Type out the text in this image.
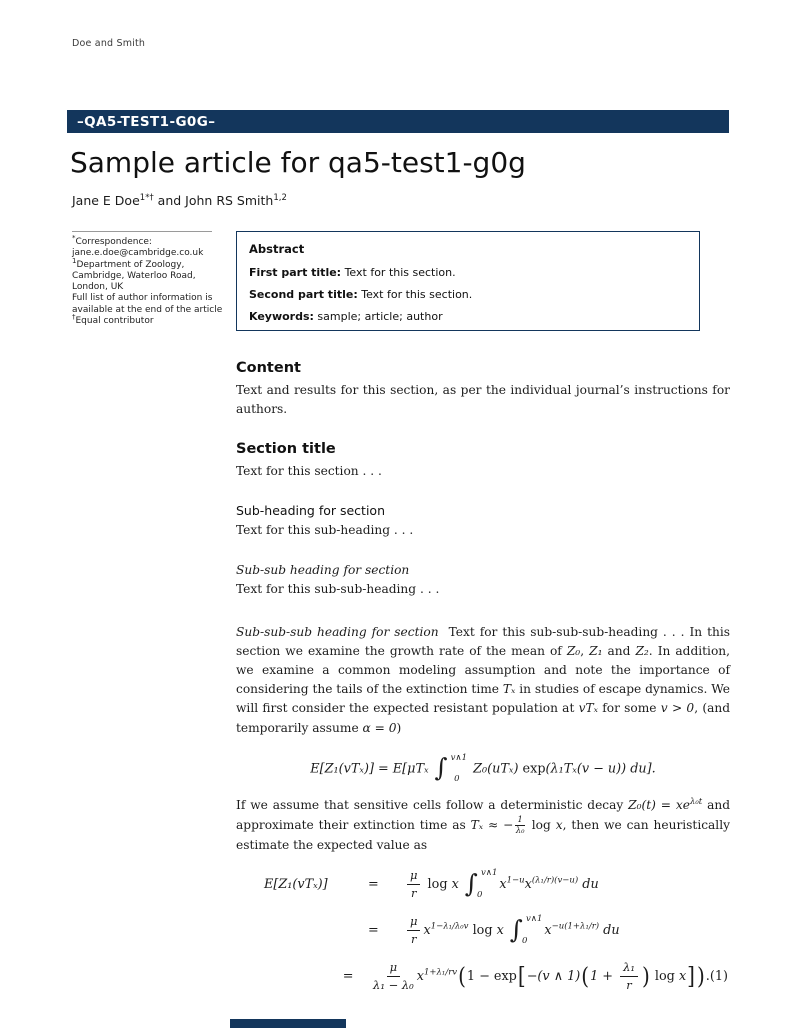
Doe and Smith
–QA5-TEST1-G0G–
Sample article for qa5-test1-g0g
Jane E Doe$^{1*\dagger}$ and John RS Smith$^{1,2}$
*Correspondence:
jane.e.doe@cambridge.co.uk
$^1$Department of Zoology,
Cambridge, Waterloo Road,
London, UK
Full list of author information is
available at the end of the article
†Equal contributor
Abstract
First part title: Text for this section.
Second part title: Text for this section.
Keywords: sample; article; author
Content

Text and results for this section, as per the individual journal’s instructions for authors.

Section title

Text for this section . . .

Sub-heading for section

Text for this sub-heading . . .

Sub-sub heading for section

Text for this sub-sub-heading . . .

Sub-sub-sub heading for section Text for this sub-sub-sub-heading . . . In this section we examine the growth rate of the mean of Z₀, Z₁ and Z₂. In addition, we examine a common modeling assumption and note the importance of considering the tails of the extinction time Tₓ in studies of escape dynamics. We will first consider the expected resistant population at vTₓ for some v > 0, (and temporarily assume α = 0)

E[Z₁(vTₓ)] = E[μTₓ ∫ v∧1
0
Z₀(uTₓ) exp(λ₁Tₓ(v − u)) du].

If we assume that sensitive cells follow a deterministic decay $Z_0(t) = xe^{\lambda_0t}$ and approximate their extinction time as Tₓ ≈ − $\frac{1}{\text{λ₀}}$ log x, then we can heuristically estimate the expected value as

E[Z₁(vTₓ)]	=	$\frac{\mu}{r}$ log x ∫ v∧1
0
$x^{1-u}x^{(\lambda_1/r)(v-u)}$ du
=	$\frac{\mu}{r} x^{1-\lambda_1/\lambda_0v}$ log x ∫ v∧1
0
$x^{-u(1+\lambda_1/r)}$ du
=	$\frac{\mu}{\text{λ₁ − λ₀}} x^{1+\lambda_1/rv}(1 - \exp[-(v$ ∧ $1)(1 + \frac{\text{λ₁}}{r}$ ) log x] ). (1)
